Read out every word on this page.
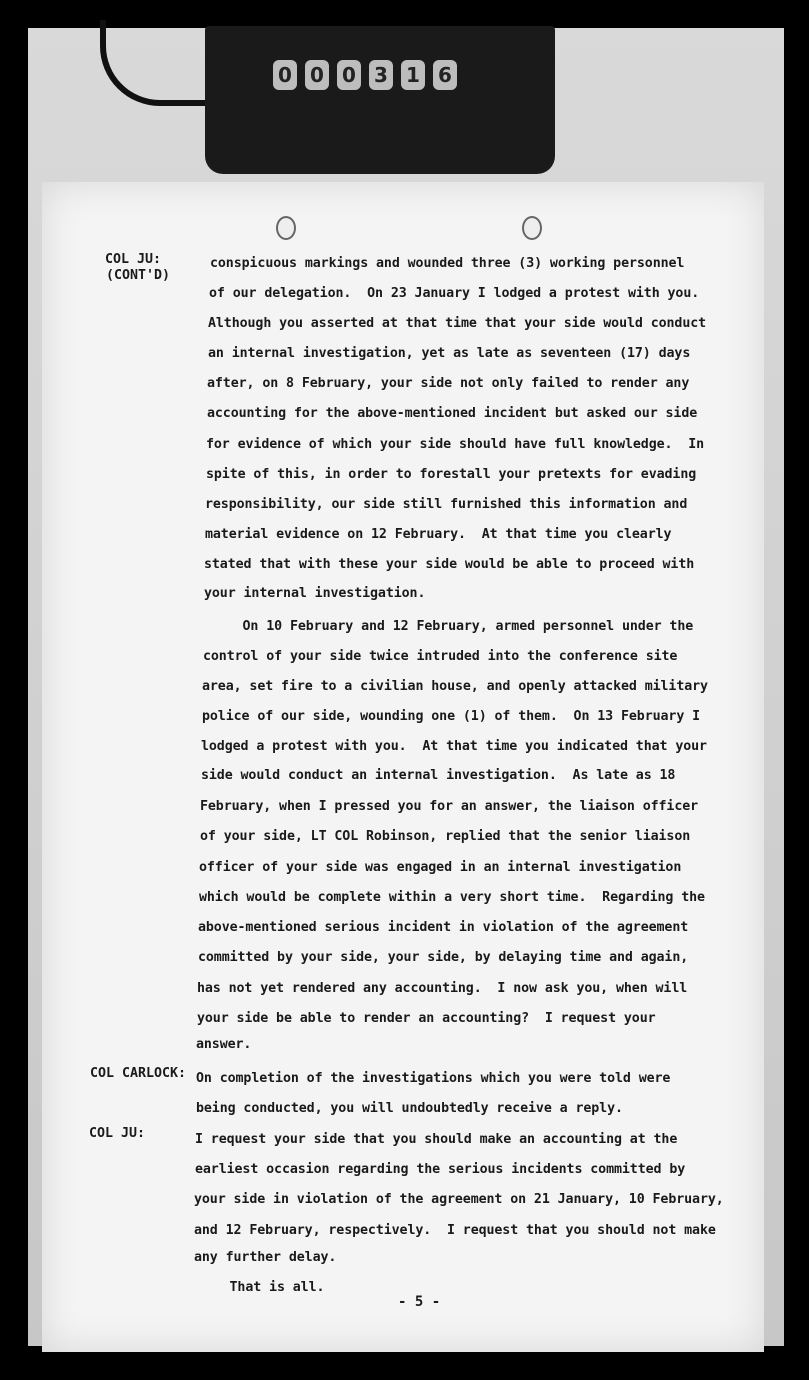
0 0 0 3 1 6
COL JU:
(CONT'D)
conspicuous markings and wounded three (3) working personnel
of our delegation.  On 23 January I lodged a protest with you.
Although you asserted at that time that your side would conduct
an internal investigation, yet as late as seventeen (17) days
after, on 8 February, your side not only failed to render any
accounting for the above-mentioned incident but asked our side
for evidence of which your side should have full knowledge.  In
spite of this, in order to forestall your pretexts for evading
responsibility, our side still furnished this information and
material evidence on 12 February.  At that time you clearly
stated that with these your side would be able to proceed with
your internal investigation.
On 10 February and 12 February, armed personnel under the
control of your side twice intruded into the conference site
area, set fire to a civilian house, and openly attacked military
police of our side, wounding one (1) of them.  On 13 February I
lodged a protest with you.  At that time you indicated that your
side would conduct an internal investigation.  As late as 18
February, when I pressed you for an answer, the liaison officer
of your side, LT COL Robinson, replied that the senior liaison
officer of your side was engaged in an internal investigation
which would be complete within a very short time.  Regarding the
above-mentioned serious incident in violation of the agreement
committed by your side, your side, by delaying time and again,
has not yet rendered any accounting.  I now ask you, when will
your side be able to render an accounting?  I request your
answer.
COL CARLOCK: On completion of the investigations which you were told were
being conducted, you will undoubtedly receive a reply.
COL JU:	I request your side that you should make an accounting at the
earliest occasion regarding the serious incidents committed by
your side in violation of the agreement on 21 January, 10 February,
and 12 February, respectively.  I request that you should not make
any further delay.
That is all.
- 5 -
